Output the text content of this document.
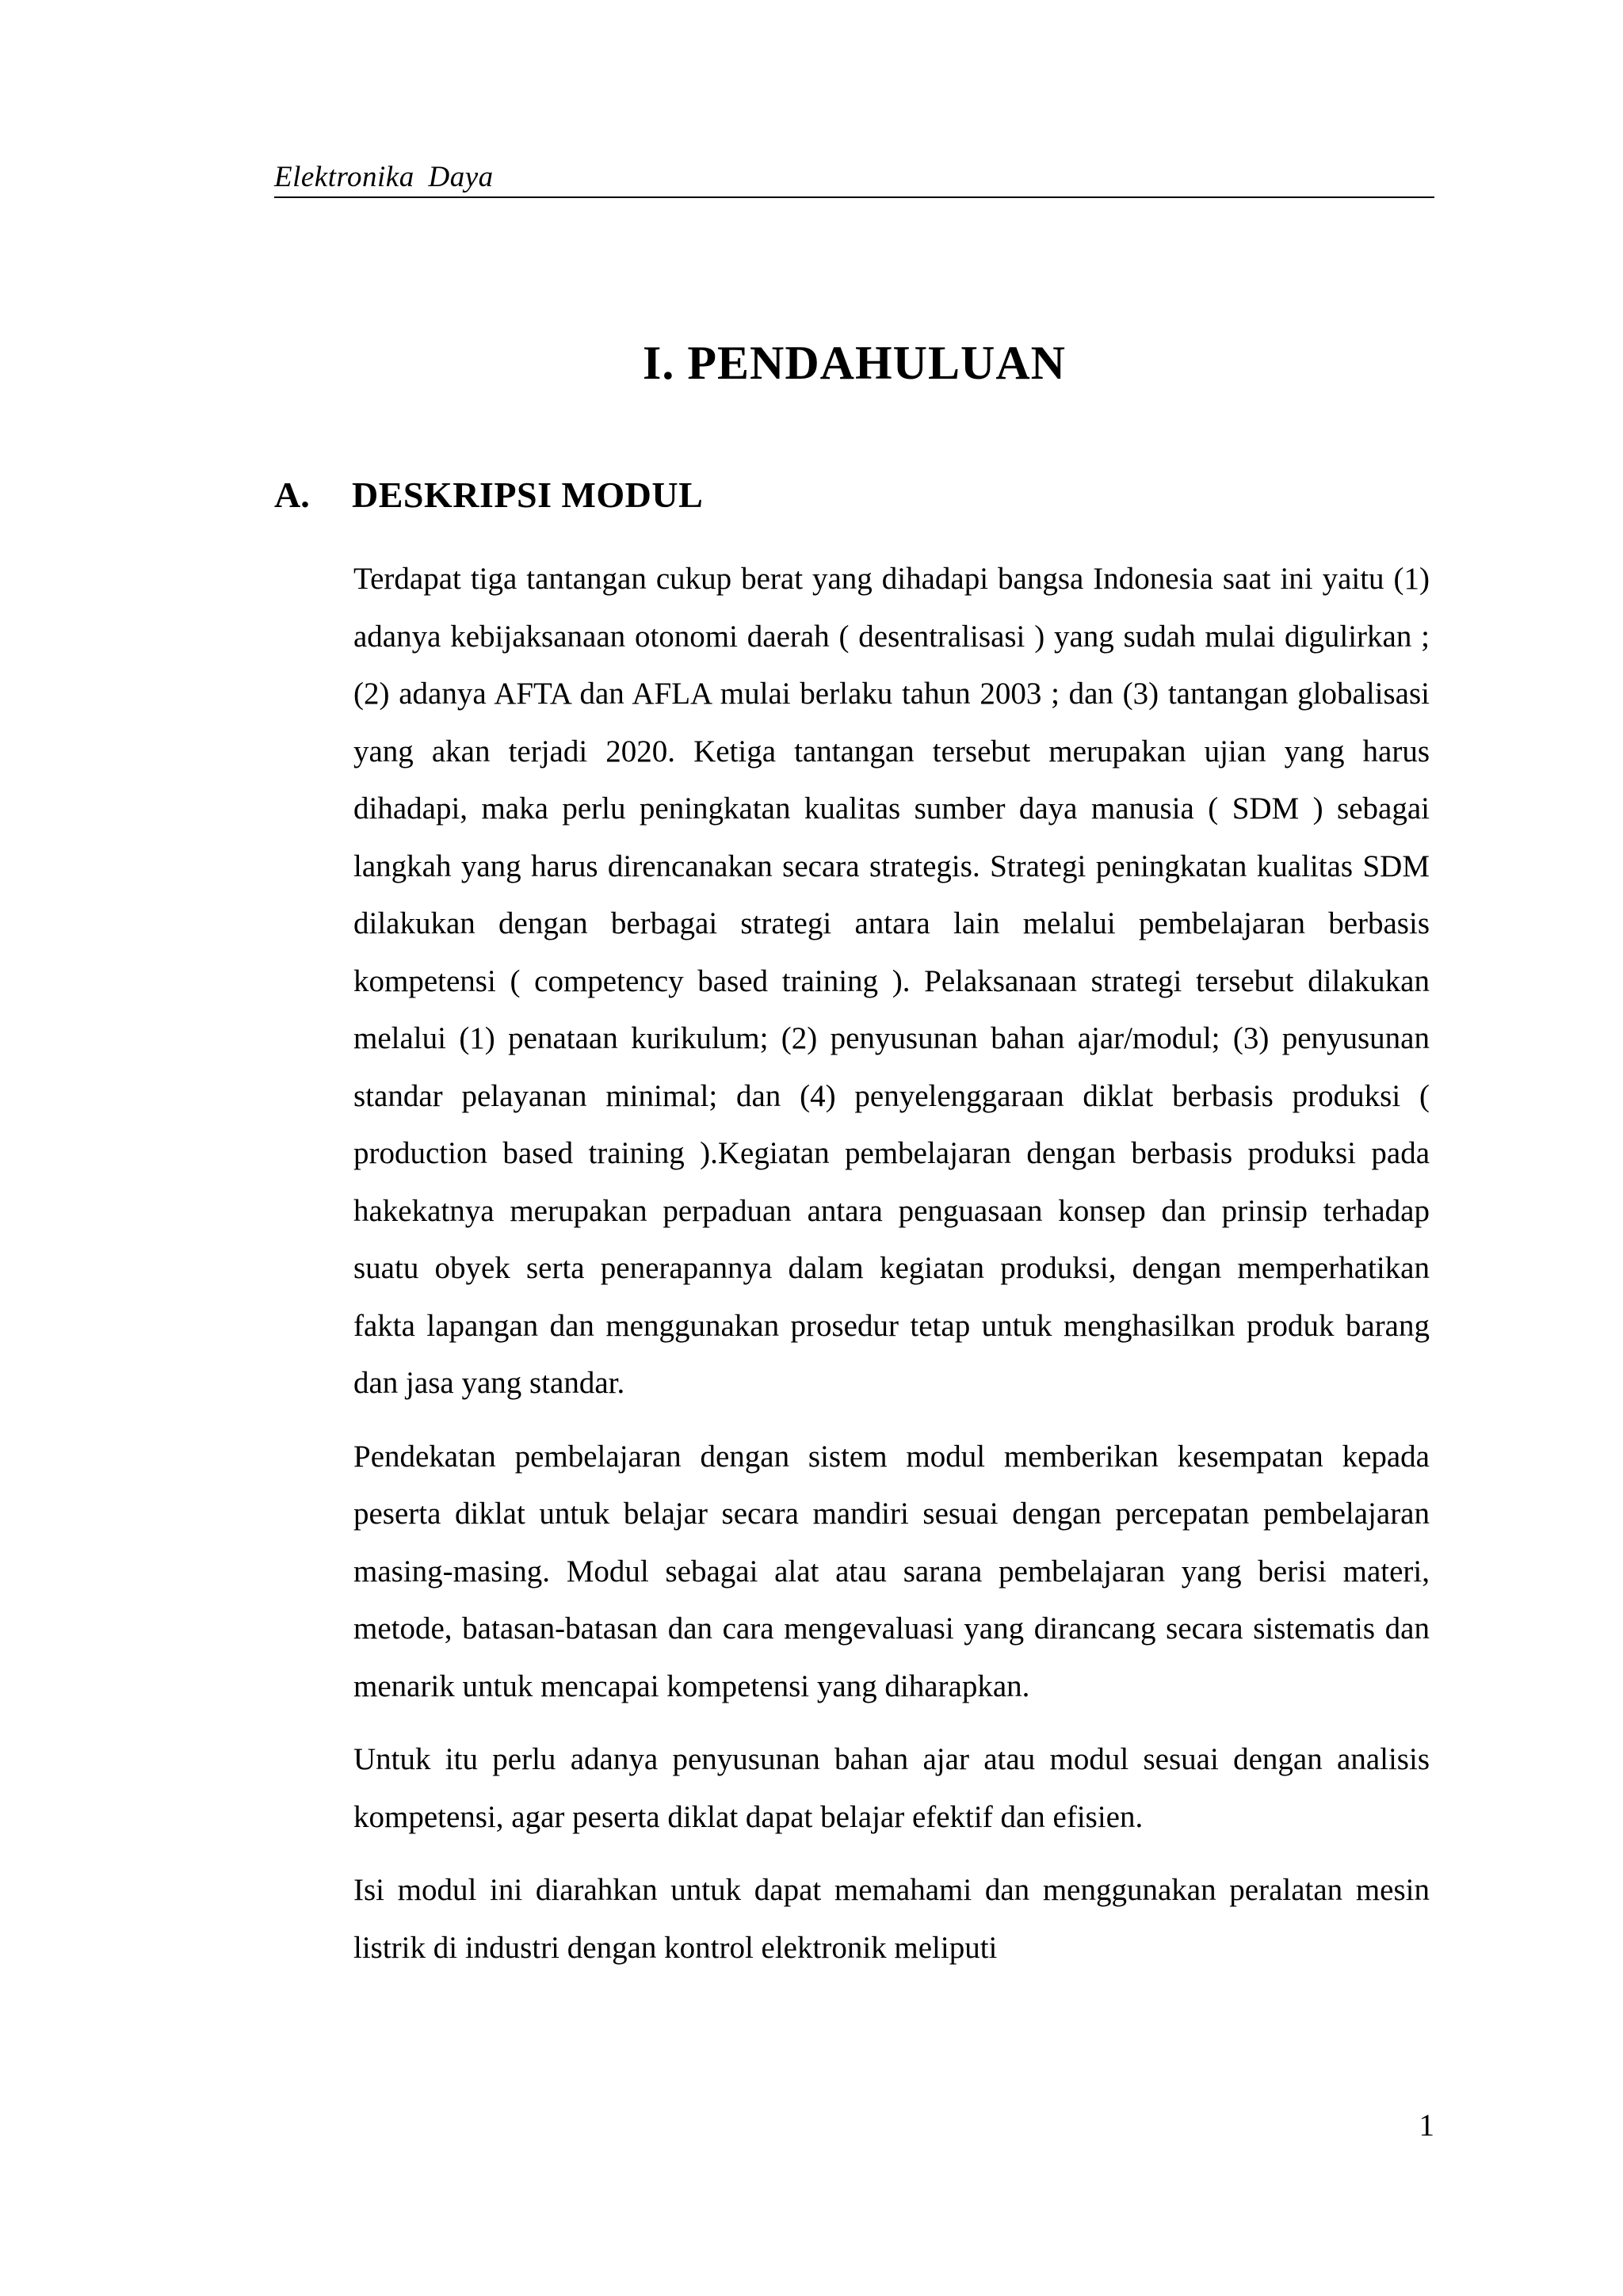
Elektronika Daya
I. PENDAHULUAN
A. DESKRIPSI MODUL

Terdapat tiga tantangan cukup berat yang dihadapi bangsa Indonesia saat ini yaitu (1) adanya kebijaksanaan otonomi daerah ( desentralisasi ) yang sudah mulai digulirkan ; (2) adanya AFTA dan AFLA mulai berlaku tahun 2003 ; dan (3) tantangan globalisasi yang akan terjadi 2020. Ketiga tantangan tersebut merupakan ujian yang harus dihadapi, maka perlu peningkatan kualitas sumber daya manusia ( SDM ) sebagai langkah yang harus direncanakan secara strategis. Strategi peningkatan kualitas SDM dilakukan dengan berbagai strategi antara lain melalui pembelajaran berbasis kompetensi ( competency based training ). Pelaksanaan strategi tersebut dilakukan melalui (1) penataan kurikulum; (2) penyusunan bahan ajar/modul; (3) penyusunan standar pelayanan minimal; dan (4) penyelenggaraan diklat berbasis produksi ( production based training ).Kegiatan pembelajaran dengan berbasis produksi pada hakekatnya merupakan perpaduan antara penguasaan konsep dan prinsip terhadap suatu obyek serta penerapannya dalam kegiatan produksi, dengan memperhatikan fakta lapangan dan menggunakan prosedur tetap untuk menghasilkan produk barang dan jasa yang standar.

Pendekatan pembelajaran dengan sistem modul memberikan kesempatan kepada peserta diklat untuk belajar secara mandiri sesuai dengan percepatan pembelajaran masing-masing. Modul sebagai alat atau sarana pembelajaran yang berisi materi, metode, batasan-batasan dan cara mengevaluasi yang dirancang secara sistematis dan menarik untuk mencapai kompetensi yang diharapkan.

Untuk itu perlu adanya penyusunan bahan ajar atau modul sesuai dengan analisis kompetensi, agar peserta diklat dapat belajar efektif dan efisien.

Isi modul ini diarahkan untuk dapat memahami dan menggunakan peralatan mesin listrik di industri dengan kontrol elektronik meliputi

1
